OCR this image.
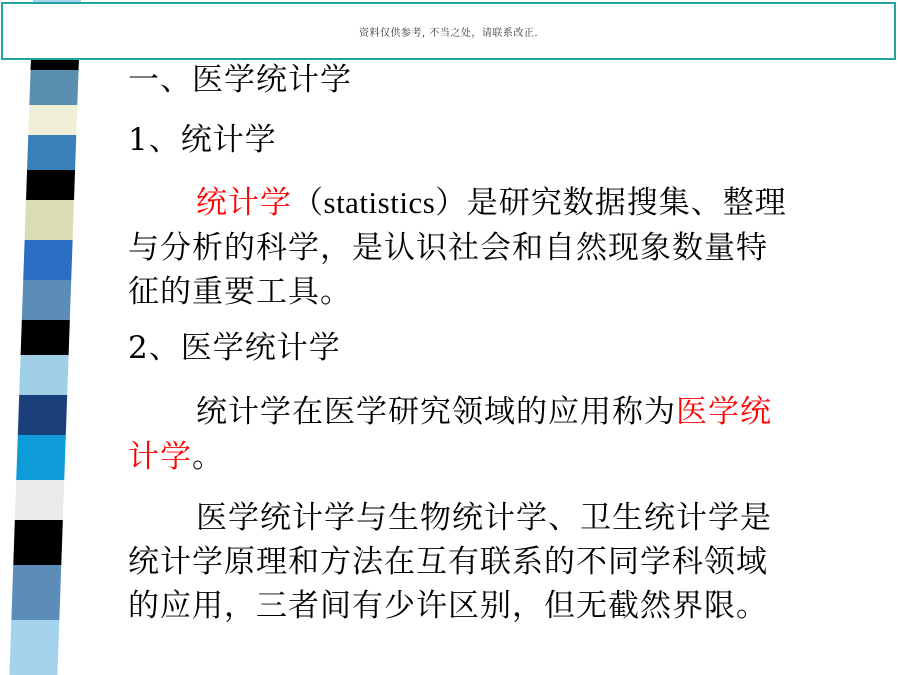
资料仅供参考, 不当之处，请联系改正.
一、医学统计学
1、统计学
统计学（statistics）是研究数据搜集、整理
与分析的科学，是认识社会和自然现象数量特
征的重要工具。
2、医学统计学
统计学在医学研究领域的应用称为医学统
计学。
医学统计学与生物统计学、卫生统计学是
统计学原理和方法在互有联系的不同学科领域
的应用，三者间有少许区别，但无截然界限。
